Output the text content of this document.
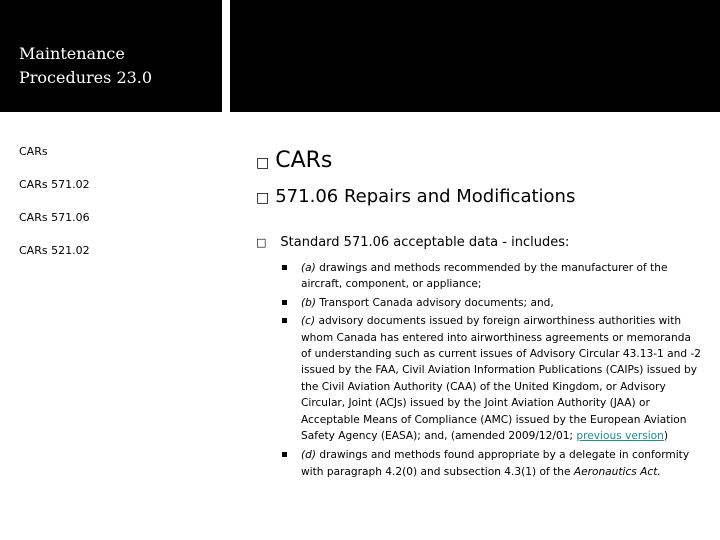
Maintenance
Procedures 23.0
CARs
CARs 571.02
CARs 571.06
CARs 521.02
□ CARs
□ 571.06 Repairs and Modifications
□ Standard 571.06 acceptable data - includes:
(a) drawings and methods recommended by the manufacturer of the aircraft, component, or appliance;
(b) Transport Canada advisory documents; and,
(c) advisory documents issued by foreign airworthiness authorities with whom Canada has entered into airworthiness agreements or memoranda of understanding such as current issues of Advisory Circular 43.13-1 and -2 issued by the FAA, Civil Aviation Information Publications (CAIPs) issued by the Civil Aviation Authority (CAA) of the United Kingdom, or Advisory Circular, Joint (ACJs) issued by the Joint Aviation Authority (JAA) or Acceptable Means of Compliance (AMC) issued by the European Aviation Safety Agency (EASA); and, (amended 2009/12/01; previous version)
(d) drawings and methods found appropriate by a delegate in conformity with paragraph 4.2(0) and subsection 4.3(1) of the Aeronautics Act.
